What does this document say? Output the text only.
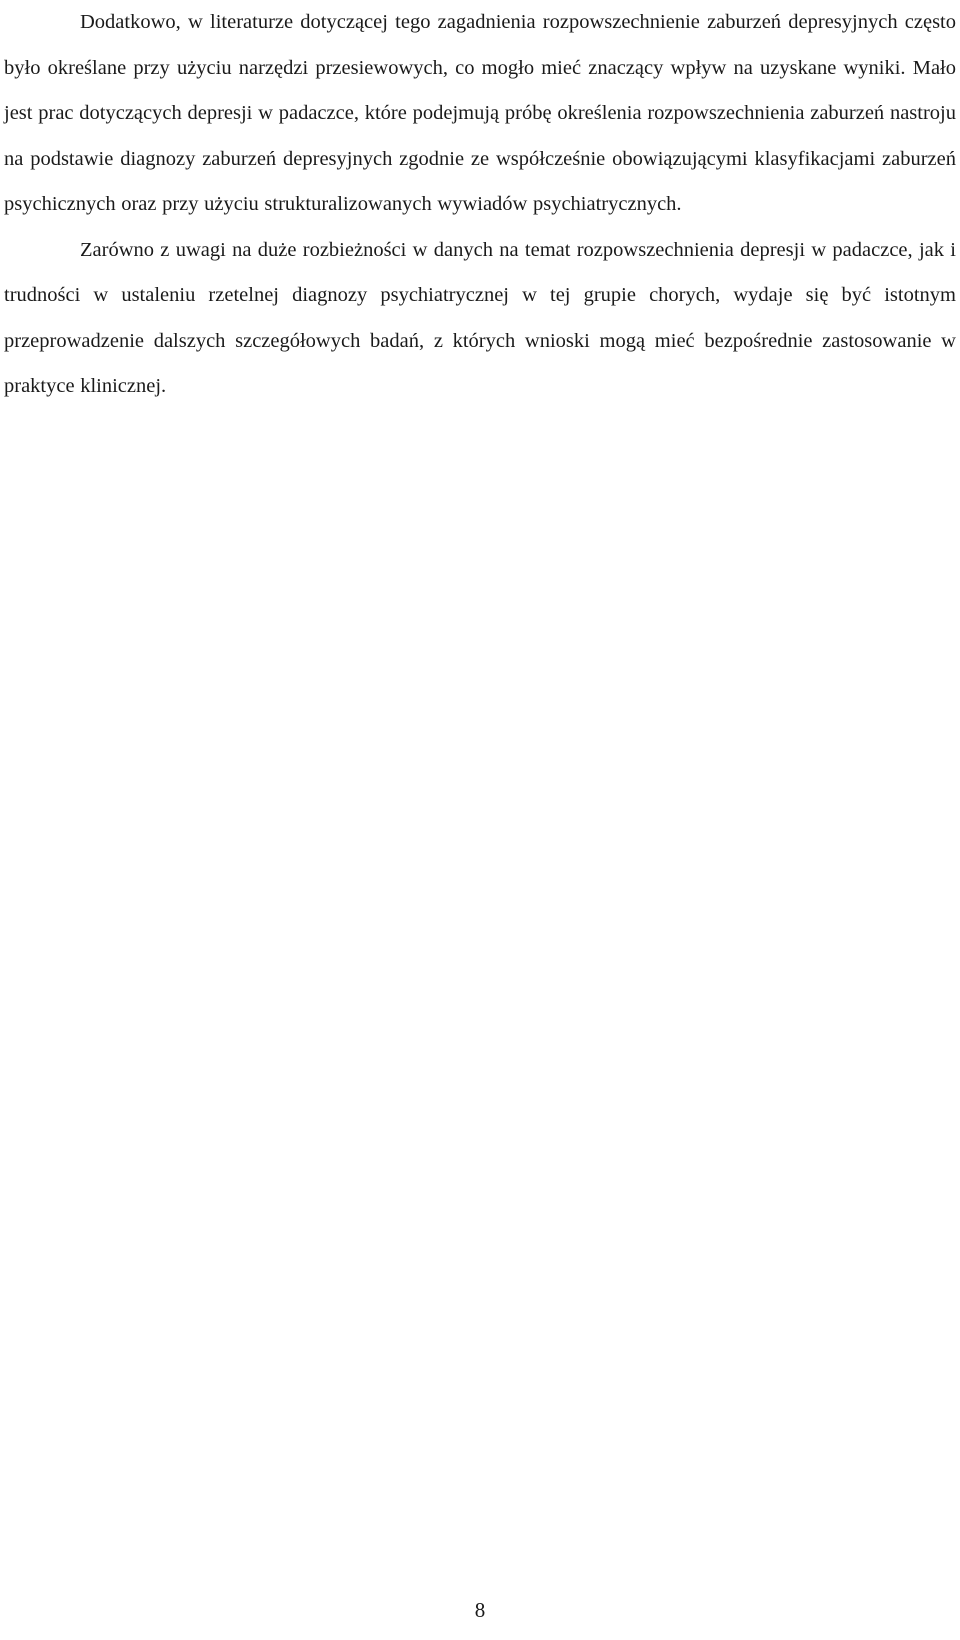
Dodatkowo, w literaturze dotyczącej tego zagadnienia rozpowszechnienie zaburzeń depresyjnych często było określane przy użyciu narzędzi przesiewowych, co mogło mieć znaczący wpływ na uzyskane wyniki. Mało jest prac dotyczących depresji w padaczce, które podejmują próbę określenia rozpowszechnienia zaburzeń nastroju na podstawie diagnozy zaburzeń depresyjnych zgodnie ze współcześnie obowiązującymi klasyfikacjami zaburzeń psychicznych oraz przy użyciu strukturalizowanych wywiadów psychiatrycznych.

Zarówno z uwagi na duże rozbieżności w danych na temat rozpowszechnienia depresji w padaczce, jak i trudności w ustaleniu rzetelnej diagnozy psychiatrycznej w tej grupie chorych, wydaje się być istotnym przeprowadzenie dalszych szczegółowych badań, z których wnioski mogą mieć bezpośrednie zastosowanie w praktyce klinicznej.

8
